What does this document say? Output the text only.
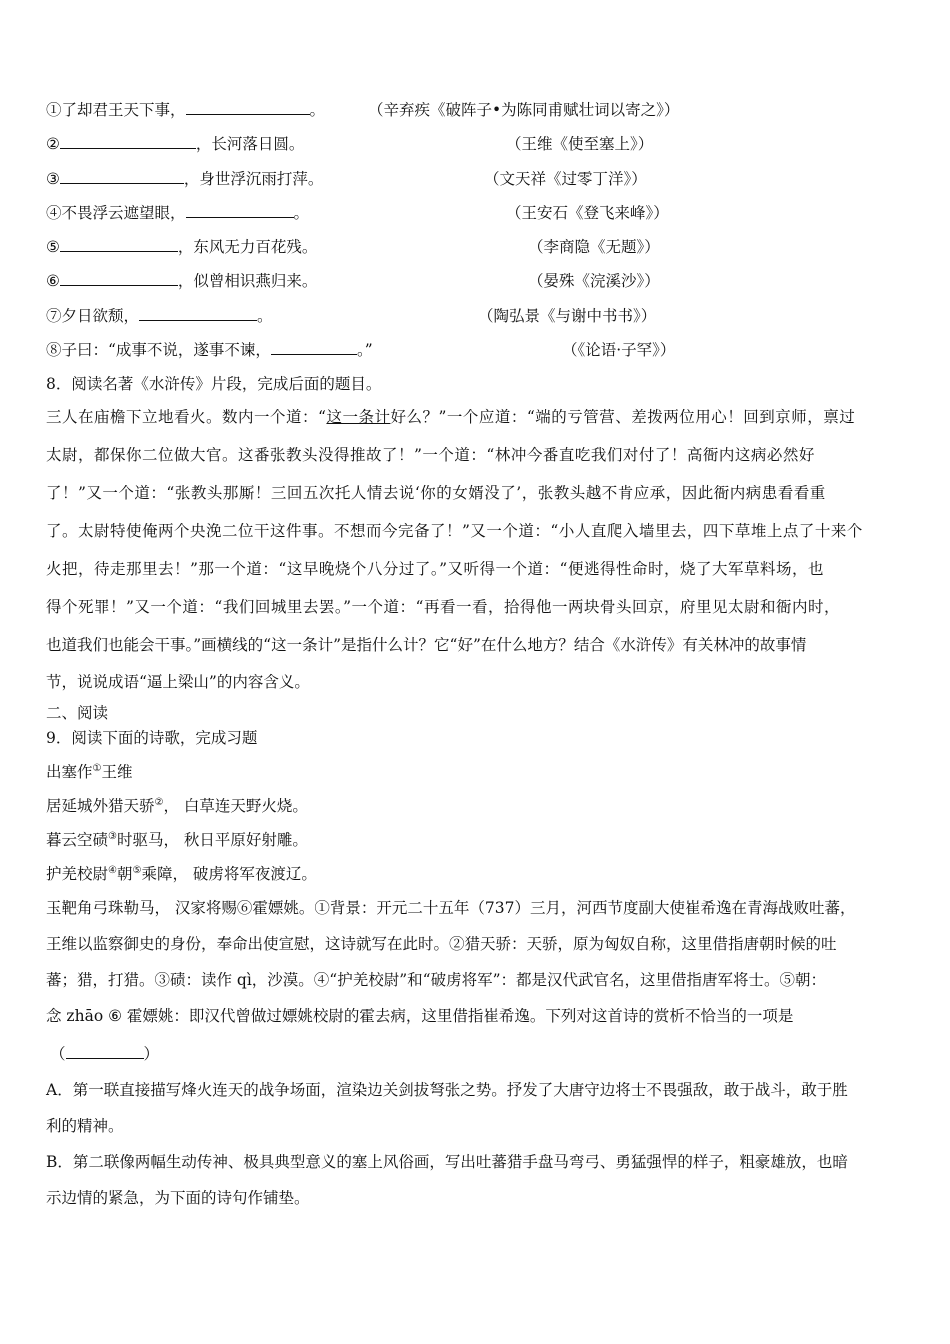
①了却君王天下事，	。	（辛弃疾《破阵子•为陈同甫赋壮词以寄之》）
②	，长河落日圆。	（王维《使至塞上》）
③	，身世浮沉雨打萍。	（文天祥《过零丁洋》）
④不畏浮云遮望眼，	。	（王安石《登飞来峰》）
⑤	，东风无力百花残。	（李商隐《无题》）
⑥	，似曾相识燕归来。	（晏殊《浣溪沙》）
⑦夕日欲颓，	。	（陶弘景《与谢中书书》）
⑧子曰：“成事不说，遂事不谏，	。”	（《论语·子罕》）
8．阅读名著《水浒传》片段，完成后面的题目。
三人在庙檐下立地看火。数内一个道：“这一条计好么？”一个应道：“端的亏管营、差拨两位用心！回到京师，禀过
太尉，都保你二位做大官。这番张教头没得推故了！”一个道：“林冲今番直吃我们对付了！高衙内这病必然好
了！”又一个道：“张教头那厮！三回五次托人情去说‘你的女婿没了’，张教头越不肯应承，因此衙内病患看看重
了。太尉特使俺两个央浼二位干这件事。不想而今完备了！”又一个道：“小人直爬入墙里去，四下草堆上点了十来个
火把，待走那里去！”那一个道：“这早晚烧个八分过了。”又听得一个道：“便逃得性命时，烧了大军草料场，也
得个死罪！”又一个道：“我们回城里去罢。”一个道：“再看一看，拾得他一两块骨头回京，府里见太尉和衙内时，
也道我们也能会干事。”画横线的“这一条计”是指什么计？它“好”在什么地方？结合《水浒传》有关林冲的故事情
节，说说成语“逼上梁山”的内容含义。
二、阅读
9．阅读下面的诗歌，完成习题
出塞作①王维
居延城外猎天骄②， 白草连天野火烧。
暮云空碛③时驱马， 秋日平原好射雕。
护羌校尉④朝⑤乘障， 破虏将军夜渡辽。
玉靶角弓珠勒马， 汉家将赐⑥霍嫖姚。①背景：开元二十五年（737）三月，河西节度副大使崔希逸在青海战败吐蕃，
王维以监察御史的身份，奉命出使宣慰，这诗就写在此时。②猎天骄：天骄，原为匈奴自称，这里借指唐朝时候的吐
蕃；猎，打猎。③碛：读作 qì，沙漠。④“护羌校尉”和“破虏将军”：都是汉代武官名，这里借指唐军将士。⑤朝：
念 zhāo ⑥ 霍嫖姚：即汉代曾做过嫖姚校尉的霍去病，这里借指崔希逸。下列对这首诗的赏析不恰当的一项是
（	）
A．第一联直接描写烽火连天的战争场面，渲染边关剑拔弩张之势。抒发了大唐守边将士不畏强敌，敢于战斗，敢于胜
利的精神。
B．第二联像两幅生动传神、极具典型意义的塞上风俗画，写出吐蕃猎手盘马弯弓、勇猛强悍的样子，粗豪雄放，也暗
示边情的紧急，为下面的诗句作铺垫。
